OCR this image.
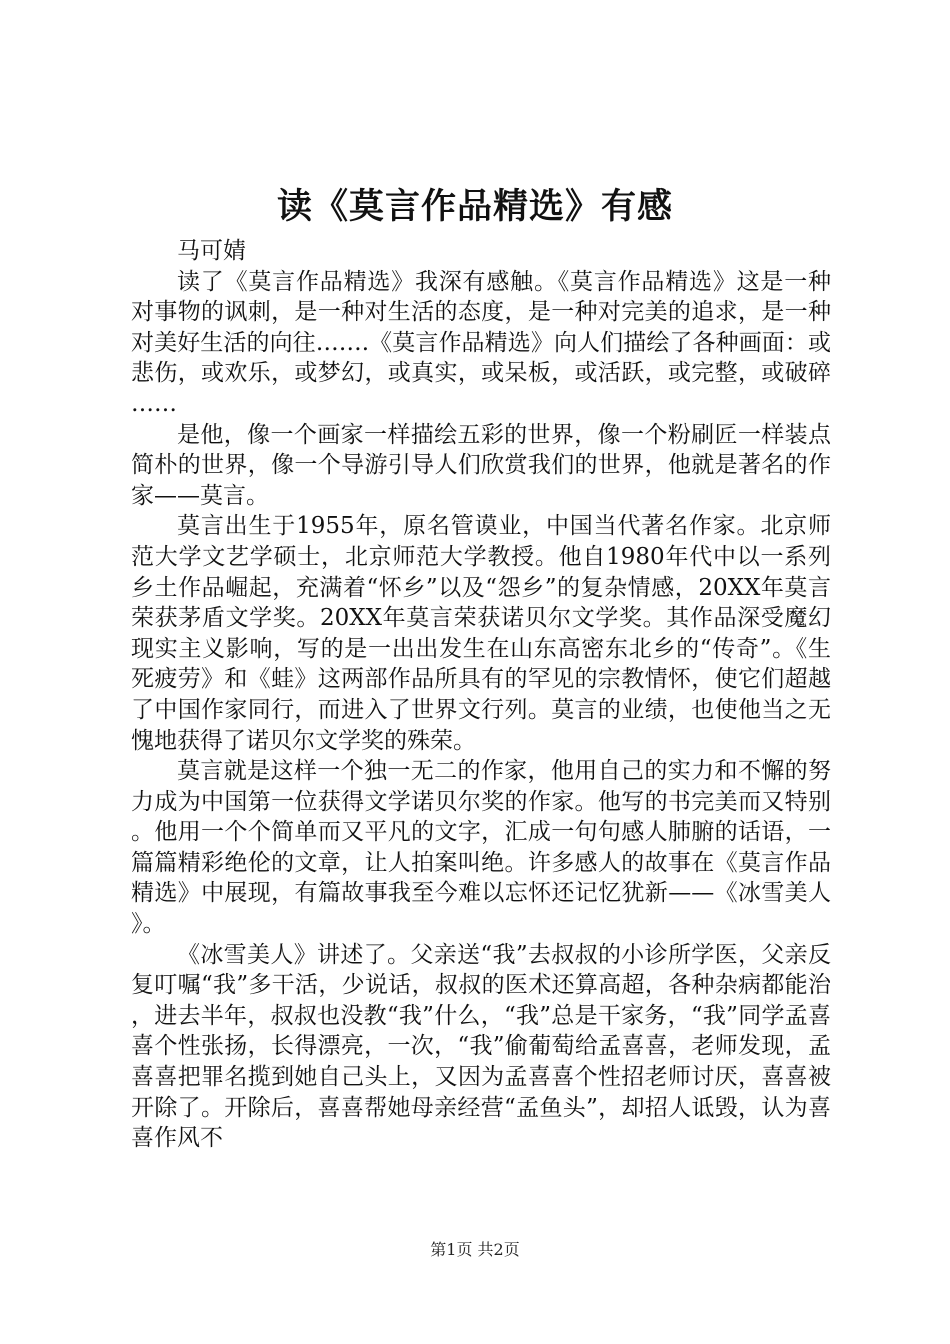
读《莫言作品精选》有感

马可婧

读了《莫言作品精选》我深有感触。《莫言作品精选》这是一种对事物的讽刺，是一种对生活的态度，是一种对完美的追求，是一种对美好生活的向往…….《莫言作品精选》向人们描绘了各种画面：或悲伤，或欢乐，或梦幻，或真实，或呆板，或活跃，或完整，或破碎……

是他，像一个画家一样描绘五彩的世界，像一个粉刷匠一样装点简朴的世界，像一个导游引导人们欣赏我们的世界，他就是著名的作家——莫言。

莫言出生于1955年，原名管谟业，中国当代著名作家。北京师范大学文艺学硕士，北京师范大学教授。他自1980年代中以一系列乡土作品崛起，充满着“怀乡”以及“怨乡”的复杂情感，20XX年莫言荣获茅盾文学奖。20XX年莫言荣获诺贝尔文学奖。其作品深受魔幻现实主义影响，写的是一出出发生在山东高密东北乡的“传奇”。《生死疲劳》和《蛙》这两部作品所具有的罕见的宗教情怀，使它们超越了中国作家同行，而进入了世界文行列。莫言的业绩，也使他当之无愧地获得了诺贝尔文学奖的殊荣。

莫言就是这样一个独一无二的作家，他用自己的实力和不懈的努力成为中国第一位获得文学诺贝尔奖的作家。他写的书完美而又特别。他用一个个简单而又平凡的文字，汇成一句句感人肺腑的话语，一篇篇精彩绝伦的文章，让人拍案叫绝。许多感人的故事在《莫言作品精选》中展现，有篇故事我至今难以忘怀还记忆犹新——《冰雪美人》。

《冰雪美人》讲述了。父亲送“我”去叔叔的小诊所学医，父亲反复叮嘱“我”多干活，少说话，叔叔的医术还算高超，各种杂病都能治，进去半年，叔叔也没教“我”什么，“我”总是干家务，“我”同学孟喜喜个性张扬，长得漂亮，一次，“我”偷葡萄给孟喜喜，老师发现，孟喜喜把罪名揽到她自己头上，又因为孟喜喜个性招老师讨厌，喜喜被开除了。开除后，喜喜帮她母亲经营“孟鱼头”，却招人诋毁，认为喜喜作风不

第1页 共2页
